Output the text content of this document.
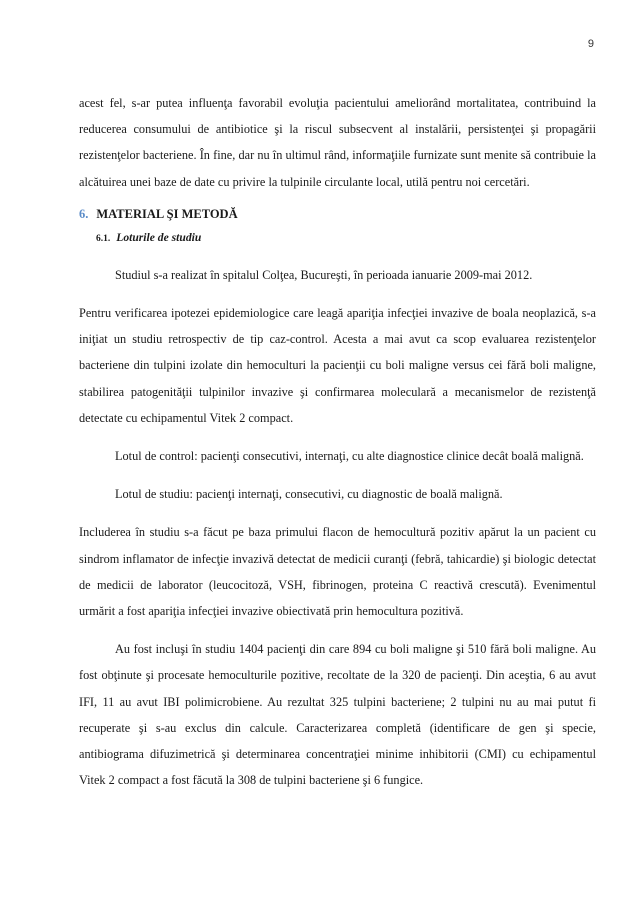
9

acest fel, s-ar putea influenţa favorabil evoluţia pacientului ameliorând mortalitatea, contribuind la reducerea consumului de antibiotice şi la riscul subsecvent al instalării, persistenţei şi propagării rezistenţelor bacteriene. În fine, dar nu în ultimul rând, informaţiile furnizate sunt menite să contribuie la alcătuirea unei baze de date cu privire la tulpinile circulante local, utilă pentru noi cercetări.

6. MATERIAL ŞI METODĂ
6.1. Loturile de studiu

Studiul s-a realizat în spitalul Colţea, Bucureşti, în perioada ianuarie 2009-mai 2012.

Pentru verificarea ipotezei epidemiologice care leagă apariţia infecţiei invazive de boala neoplazică, s-a iniţiat un studiu retrospectiv de tip caz-control. Acesta a mai avut ca scop evaluarea rezistenţelor bacteriene din tulpini izolate din hemoculturi la pacienţii cu boli maligne versus cei fără boli maligne, stabilirea patogenităţii tulpinilor invazive şi confirmarea moleculară a mecanismelor de rezistenţă detectate cu echipamentul Vitek 2 compact.

Lotul de control: pacienţi consecutivi, internaţi, cu alte diagnostice clinice decât boală malignă.

Lotul de studiu: pacienţi internaţi, consecutivi, cu diagnostic de boală malignă.

Includerea în studiu s-a făcut pe baza primului flacon de hemocultură pozitiv apărut la un pacient cu sindrom inflamator de infecţie invazivă detectat de medicii curanţi (febră, tahicardie) şi biologic detectat de medicii de laborator (leucocitoză, VSH, fibrinogen, proteina C reactivă crescută). Evenimentul urmărit a fost apariţia infecţiei invazive obiectivată prin hemocultura pozitivă.

Au fost incluşi în studiu 1404 pacienţi din care 894 cu boli maligne şi 510 fără boli maligne. Au fost obţinute şi procesate hemoculturile pozitive, recoltate de la 320 de pacienţi. Din aceştia, 6 au avut IFI, 11 au avut IBI polimicrobiene. Au rezultat 325 tulpini bacteriene; 2 tulpini nu au mai putut fi recuperate şi s-au exclus din calcule. Caracterizarea completă (identificare de gen şi specie, antibiograma difuzimetrică şi determinarea concentraţiei minime inhibitorii (CMI) cu echipamentul Vitek 2 compact a fost făcută la 308 de tulpini bacteriene şi 6 fungice.
